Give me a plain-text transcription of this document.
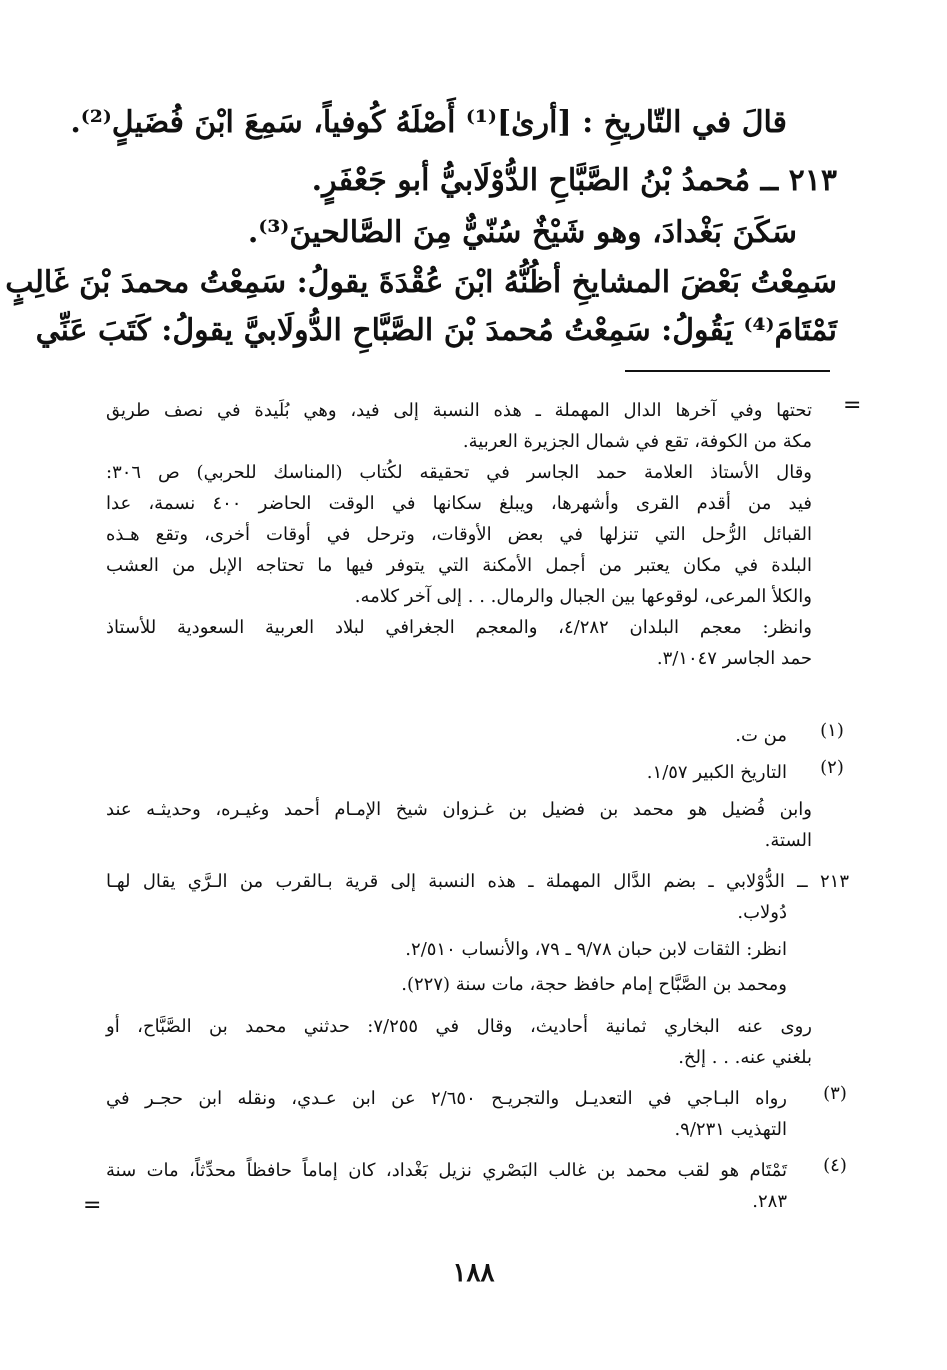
قالَ في التّاريخِ : [أرىٰ]⁽¹⁾ أَصْلَهُ كُوفياً، سَمِعَ ابْنَ فُضَيلٍ⁽²⁾.
٢١٣ ــ مُحمدُ بْنُ الصَّبَّاحِ الدُّوْلَابيُّ أبو جَعْفَرٍ.
سَكَنَ بَغْدادَ، وهو شَيْخٌ سُنّيٌّ مِنَ الصَّالحينَ⁽³⁾.
سَمِعْتُ بَعْضَ المشايخِ أظُنُّهُ ابْنَ عُقْدَةَ يقولُ: سَمِعْتُ محمدَ بْنَ غَالِبٍ
تَمْتَامَ⁽⁴⁾ يَقُولُ: سَمِعْتُ مُحمدَ بْنَ الصَّبَّاحِ الدُّولَابيَّ يقولُ: كَتَبَ عَنِّي
=
تحتها وفي آخرها الدال المهملة ـ هذه النسبة إلى فيد، وهي بُلَيدة في نصف طريق
مكة من الكوفة، تقع في شمال الجزيرة العربية.
وقال الأستاذ العلامة حمد الجاسر في تحقيقه لكُتاب (المناسك للحربي) ص ٣٠٦:
فيد من أقدم القرى وأشهرها، ويبلغ سكانها في الوقت الحاضر ٤٠٠ نسمة، عدا
القبائل الرُّحل التي تنزلها في بعض الأوقات، وترحل في أوقات أخرى، وتقع هـذه
البلدة في مكان يعتبر من أجمل الأمكنة التي يتوفر فيها ما تحتاجه الإبل من العشب
والكلأ المرعى، لوقوعها بين الجبال والرمال. . . إلى آخر كلامه.
وانظر: معجم البلدان ٤/٢٨٢، والمعجم الجغرافي لبلاد العربية السعودية للأستاذ
حمد الجاسر ٣/١٠٤٧.
(١)
من ت.
(٢)
التاريخ الكبير ١/٥٧.
وابن فُضيل هو محمد بن فضيل بن غـزوان شيخ الإمـام أحمد وغيـره، وحديثـه عند
الستة.
٢١٣ ــ الدُّوْلابي ـ بضم الدَّال المهملة ـ هذه النسبة إلى قرية بـالقرب من الـرَّي يقال لهـا
دُولاب.
انظر: الثقات لابن حبان ٩/٧٨ ـ ٧٩، والأنساب ٢/٥١٠.
ومحمد بن الصَّبَّاح إمام حافظ حجة، مات سنة (٢٢٧).
روى عنه البخاري ثمانية أحاديث، وقال في ٧/٢٥٥: حدثني محمد بن الصَّبَّاح، أو
بلغني عنه. . . إلخ.
(٣)
رواه البـاجي في التعديـل والتجريـح ٢/٦٥٠ عن ابن عـدي، ونقله ابن حجـر في
التهذيب ٩/٢٣١.
(٤)
تَمْتَام هو لقب محمد بن غالب البَصْري نزيل بَغْداد، كان إماماً حافظاً محدِّثاً، مات سنة
٢٨٣.
=
١٨٨
